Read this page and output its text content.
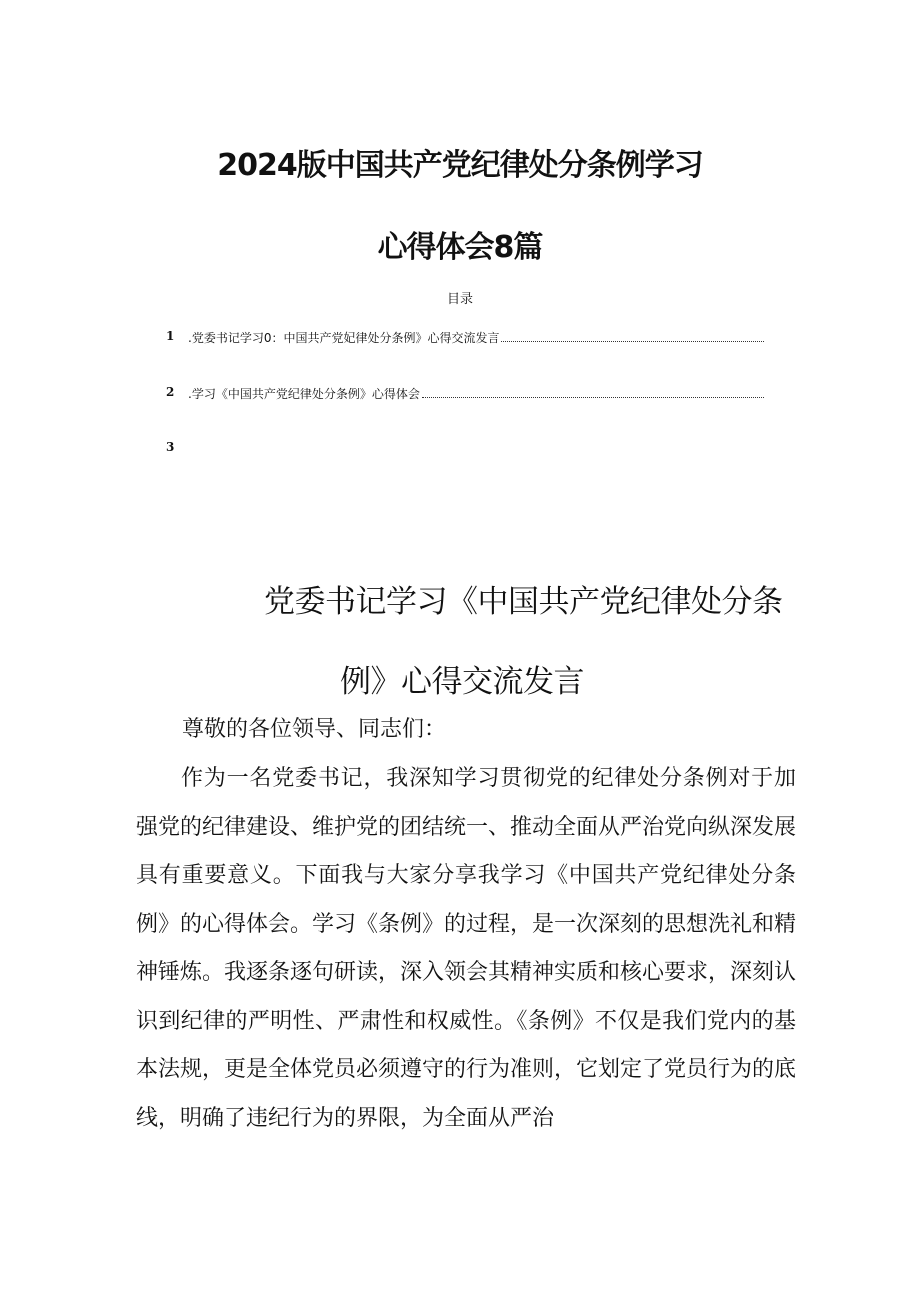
2024版中国共产党纪律处分条例学习
心得体会8篇
目录
1 .党委书记学习0：中国共产党妃律处分条例》心得交流发言
2 .学习《中国共产党纪律处分条例》心得体会
3
党委书记学习《中国共产党纪律处分条
例》心得交流发言

尊敬的各位领导、同志们：

作为一名党委书记，我深知学习贯彻党的纪律处分条例对于加强党的纪律建设、维护党的团结统一、推动全面从严治党向纵深发展具有重要意义。下面我与大家分享我学习《中国共产党纪律处分条例》的心得体会。学习《条例》的过程，是一次深刻的思想洗礼和精神锤炼。我逐条逐句研读，深入领会其精神实质和核心要求，深刻认识到纪律的严明性、严肃性和权威性。《条例》不仅是我们党内的基本法规，更是全体党员必须遵守的行为准则，它划定了党员行为的底线，明确了违纪行为的界限，为全面从严治
